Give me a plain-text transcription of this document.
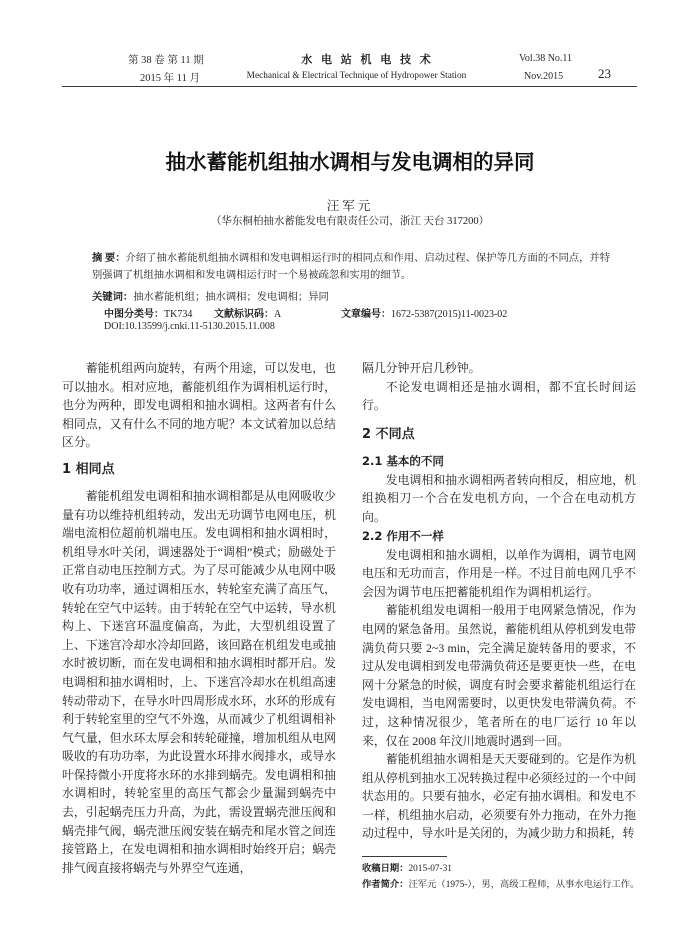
第 38 卷 第 11 期
2015 年 11 月
水 电 站 机 电 技 术
Mechanical & Electrical Technique of Hydropower Station
Vol.38 No.11
Nov.2015	23
抽水蓄能机组抽水调相与发电调相的异同
汪军元
（华东桐柏抽水蓄能发电有限责任公司，浙江 天台 317200）
摘 要：介绍了抽水蓄能机组抽水调相和发电调相运行时的相同点和作用、启动过程、保护等几方面的不同点，并特别强调了机组抽水调相和发电调相运行时一个易被疏忽和实用的细节。
关键词：抽水蓄能机组；抽水调相；发电调相；异同
中图分类号：TK734 文献标识码：A	文章编号：1672-5387(2015)11-0023-02
DOI:10.13599/j.cnki.11-5130.2015.11.008

蓄能机组两向旋转，有两个用途，可以发电，也可以抽水。相对应地，蓄能机组作为调相机运行时，也分为两种，即发电调相和抽水调相。这两者有什么相同点，又有什么不同的地方呢？本文试着加以总结区分。

1 相同点

蓄能机组发电调相和抽水调相都是从电网吸收少量有功以维持机组转动，发出无功调节电网电压，机端电流相位超前机端电压。发电调相和抽水调相时，机组导水叶关闭，调速器处于“调相”模式；励磁处于正常自动电压控制方式。为了尽可能减少从电网中吸收有功功率，通过调相压水，转轮室充满了高压气，转轮在空气中运转。由于转轮在空气中运转，导水机构上、下迷宫环温度偏高，为此，大型机组设置了上、下迷宫冷却水冷却回路，该回路在机组发电或抽水时被切断，而在发电调相和抽水调相时都开启。发电调相和抽水调相时，上、下迷宫冷却水在机组高速转动带动下，在导水叶四周形成水环，水环的形成有利于转轮室里的空气不外逸，从而减少了机组调相补气气量，但水环太厚会和转轮碰撞，增加机组从电网吸收的有功功率，为此设置水环排水阀排水，或导水叶保持微小开度将水环的水排到蜗壳。发电调相和抽水调相时，转轮室里的高压气都会少量漏到蜗壳中去，引起蜗壳压力升高，为此，需设置蜗壳泄压阀和蜗壳排气阀，蜗壳泄压阀安装在蜗壳和尾水管之间连接管路上，在发电调相和抽水调相时始终开启；蜗壳排气阀直接将蜗壳与外界空气连通，

隔几分钟开启几秒钟。

不论发电调相还是抽水调相，都不宜长时间运行。

2 不同点
2.1 基本的不同

发电调相和抽水调相两者转向相反，相应地，机组换相刀一个合在发电机方向，一个合在电动机方向。

2.2 作用不一样

发电调相和抽水调相，以单作为调相，调节电网电压和无功而言，作用是一样。不过目前电网几乎不会因为调节电压把蓄能机组作为调相机运行。

蓄能机组发电调相一般用于电网紧急情况，作为电网的紧急备用。虽然说，蓄能机组从停机到发电带满负荷只要 2~3 min，完全满足旋转备用的要求，不过从发电调相到发电带满负荷还是要更快一些，在电网十分紧急的时候，调度有时会要求蓄能机组运行在发电调相，当电网需要时，以更快发电带满负荷。不过，这种情况很少，笔者所在的电厂运行 10 年以来，仅在 2008 年汶川地震时遇到一回。

蓄能机组抽水调相是天天要碰到的。它是作为机组从停机到抽水工况转换过程中必须经过的一个中间状态用的。只要有抽水，必定有抽水调相。和发电不一样，机组抽水启动，必须要有外力拖动，在外力拖动过程中，导水叶是关闭的，为减少助力和损耗，转

收稿日期：2015-07-31
作者简介：汪军元（1975-），男，高级工程师，从事水电运行工作。
